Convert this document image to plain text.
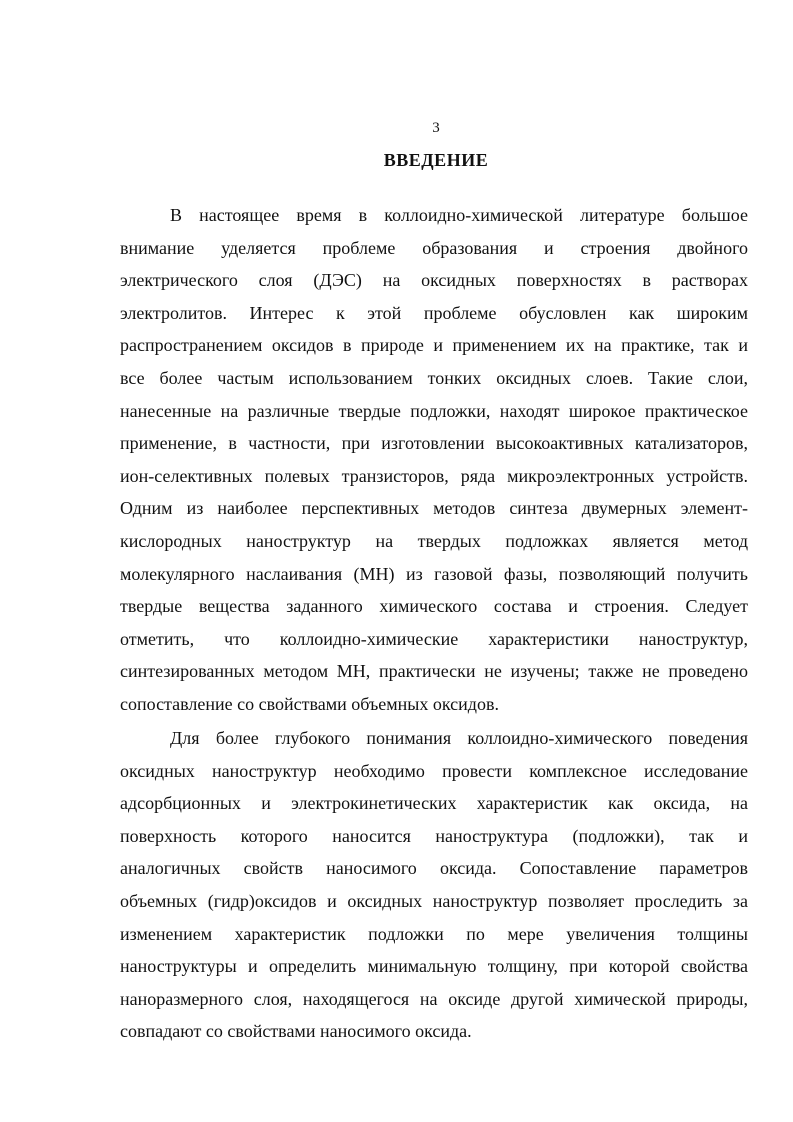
3
ВВЕДЕНИЕ
В настоящее время в коллоидно-химической литературе большое
внимание уделяется проблеме образования и строения двойного
электрического слоя (ДЭС) на оксидных поверхностях в растворах
электролитов. Интерес к этой проблеме обусловлен как широким
распространением оксидов в природе и применением их на практике, так и
все более частым использованием тонких оксидных слоев. Такие слои,
нанесенные на различные твердые подложки, находят широкое практическое
применение, в частности, при изготовлении высокоактивных катализаторов,
ион-селективных полевых транзисторов, ряда микроэлектронных устройств.
Одним из наиболее перспективных методов синтеза двумерных элемент-
кислородных наноструктур на твердых подложках является метод
молекулярного наслаивания (МН) из газовой фазы, позволяющий получить
твердые вещества заданного химического состава и строения. Следует
отметить, что коллоидно-химические характеристики наноструктур,
синтезированных методом МН, практически не изучены; также не проведено
сопоставление со свойствами объемных оксидов.
Для более глубокого понимания коллоидно-химического поведения
оксидных наноструктур необходимо провести комплексное исследование
адсорбционных и электрокинетических характеристик как оксида, на
поверхность которого наносится наноструктура (подложки), так и
аналогичных свойств наносимого оксида. Сопоставление параметров
объемных (гидр)оксидов и оксидных наноструктур позволяет проследить за
изменением характеристик подложки по мере увеличения толщины
наноструктуры и определить минимальную толщину, при которой свойства
наноразмерного слоя, находящегося на оксиде другой химической природы,
совпадают со свойствами наносимого оксида.
